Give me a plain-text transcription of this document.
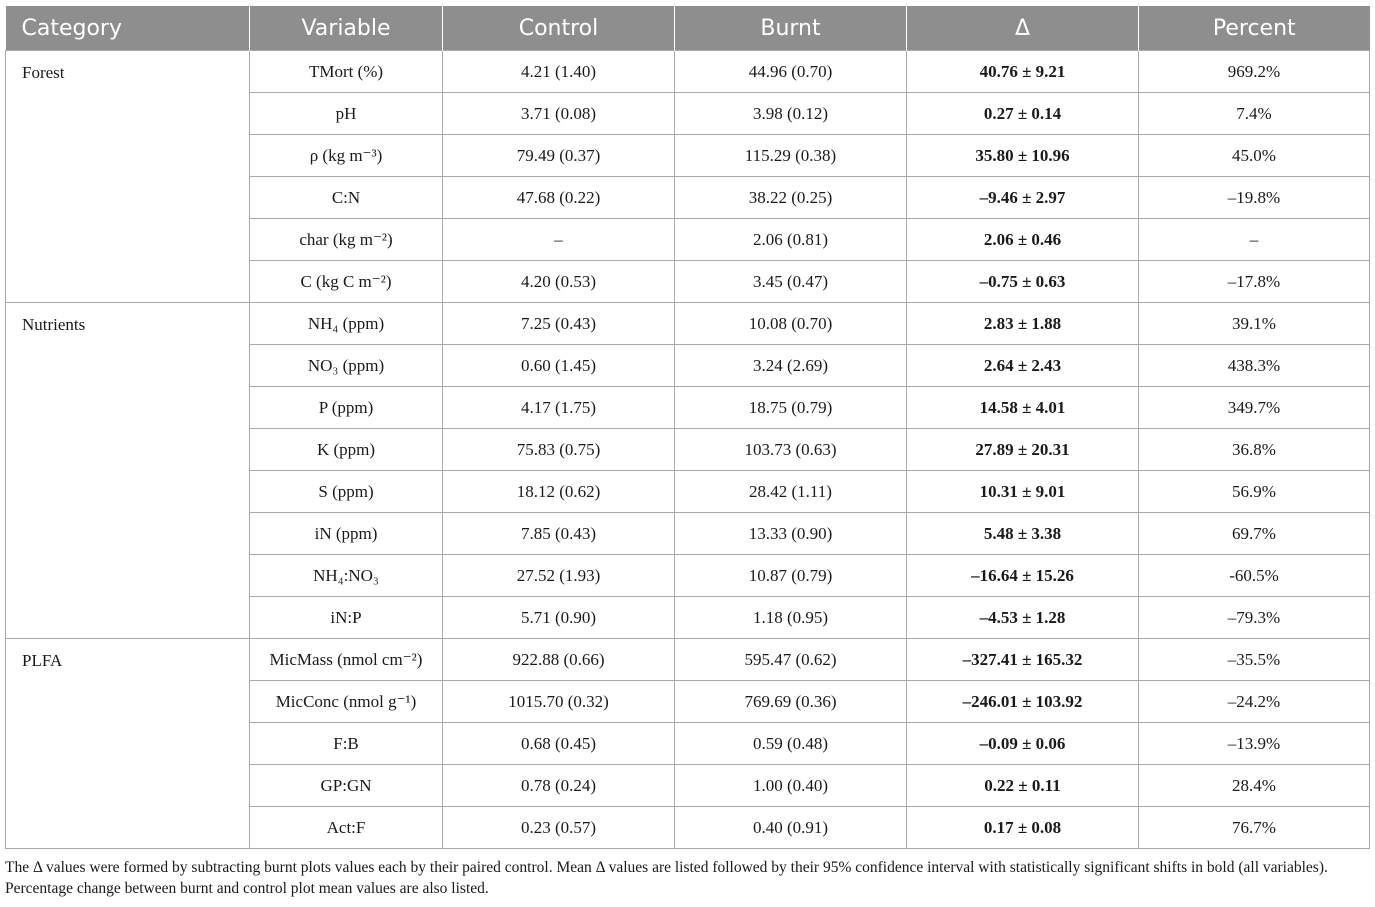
Category	Variable	Control	Burnt	Δ	Percent
Forest	TMort (%)	4.21 (1.40)	44.96 (0.70)	40.76 ± 9.21	969.2%
	pH	3.71 (0.08)	3.98 (0.12)	0.27 ± 0.14	7.4%
	ρ (kg m⁻³)	79.49 (0.37)	115.29 (0.38)	35.80 ± 10.96	45.0%
	C:N	47.68 (0.22)	38.22 (0.25)	–9.46 ± 2.97	–19.8%
	char (kg m⁻²)	–	2.06 (0.81)	2.06 ± 0.46	–
	C (kg C m⁻²)	4.20 (0.53)	3.45 (0.47)	–0.75 ± 0.63	–17.8%
Nutrients	NH₄ (ppm)	7.25 (0.43)	10.08 (0.70)	2.83 ± 1.88	39.1%
	NO₃ (ppm)	0.60 (1.45)	3.24 (2.69)	2.64 ± 2.43	438.3%
	P (ppm)	4.17 (1.75)	18.75 (0.79)	14.58 ± 4.01	349.7%
	K (ppm)	75.83 (0.75)	103.73 (0.63)	27.89 ± 20.31	36.8%
	S (ppm)	18.12 (0.62)	28.42 (1.11)	10.31 ± 9.01	56.9%
	iN (ppm)	7.85 (0.43)	13.33 (0.90)	5.48 ± 3.38	69.7%
	NH₄:NO₃	27.52 (1.93)	10.87 (0.79)	–16.64 ± 15.26	-60.5%
	iN:P	5.71 (0.90)	1.18 (0.95)	–4.53 ± 1.28	–79.3%
PLFA	MicMass (nmol cm⁻²)	922.88 (0.66)	595.47 (0.62)	–327.41 ± 165.32	–35.5%
	MicConc (nmol g⁻¹)	1015.70 (0.32)	769.69 (0.36)	–246.01 ± 103.92	–24.2%
	F:B	0.68 (0.45)	0.59 (0.48)	–0.09 ± 0.06	–13.9%
	GP:GN	0.78 (0.24)	1.00 (0.40)	0.22 ± 0.11	28.4%
	Act:F	0.23 (0.57)	0.40 (0.91)	0.17 ± 0.08	76.7%
The Δ values were formed by subtracting burnt plots values each by their paired control. Mean Δ values are listed followed by their 95% confidence interval with statistically significant shifts in bold (all variables). Percentage change between burnt and control plot mean values are also listed.
